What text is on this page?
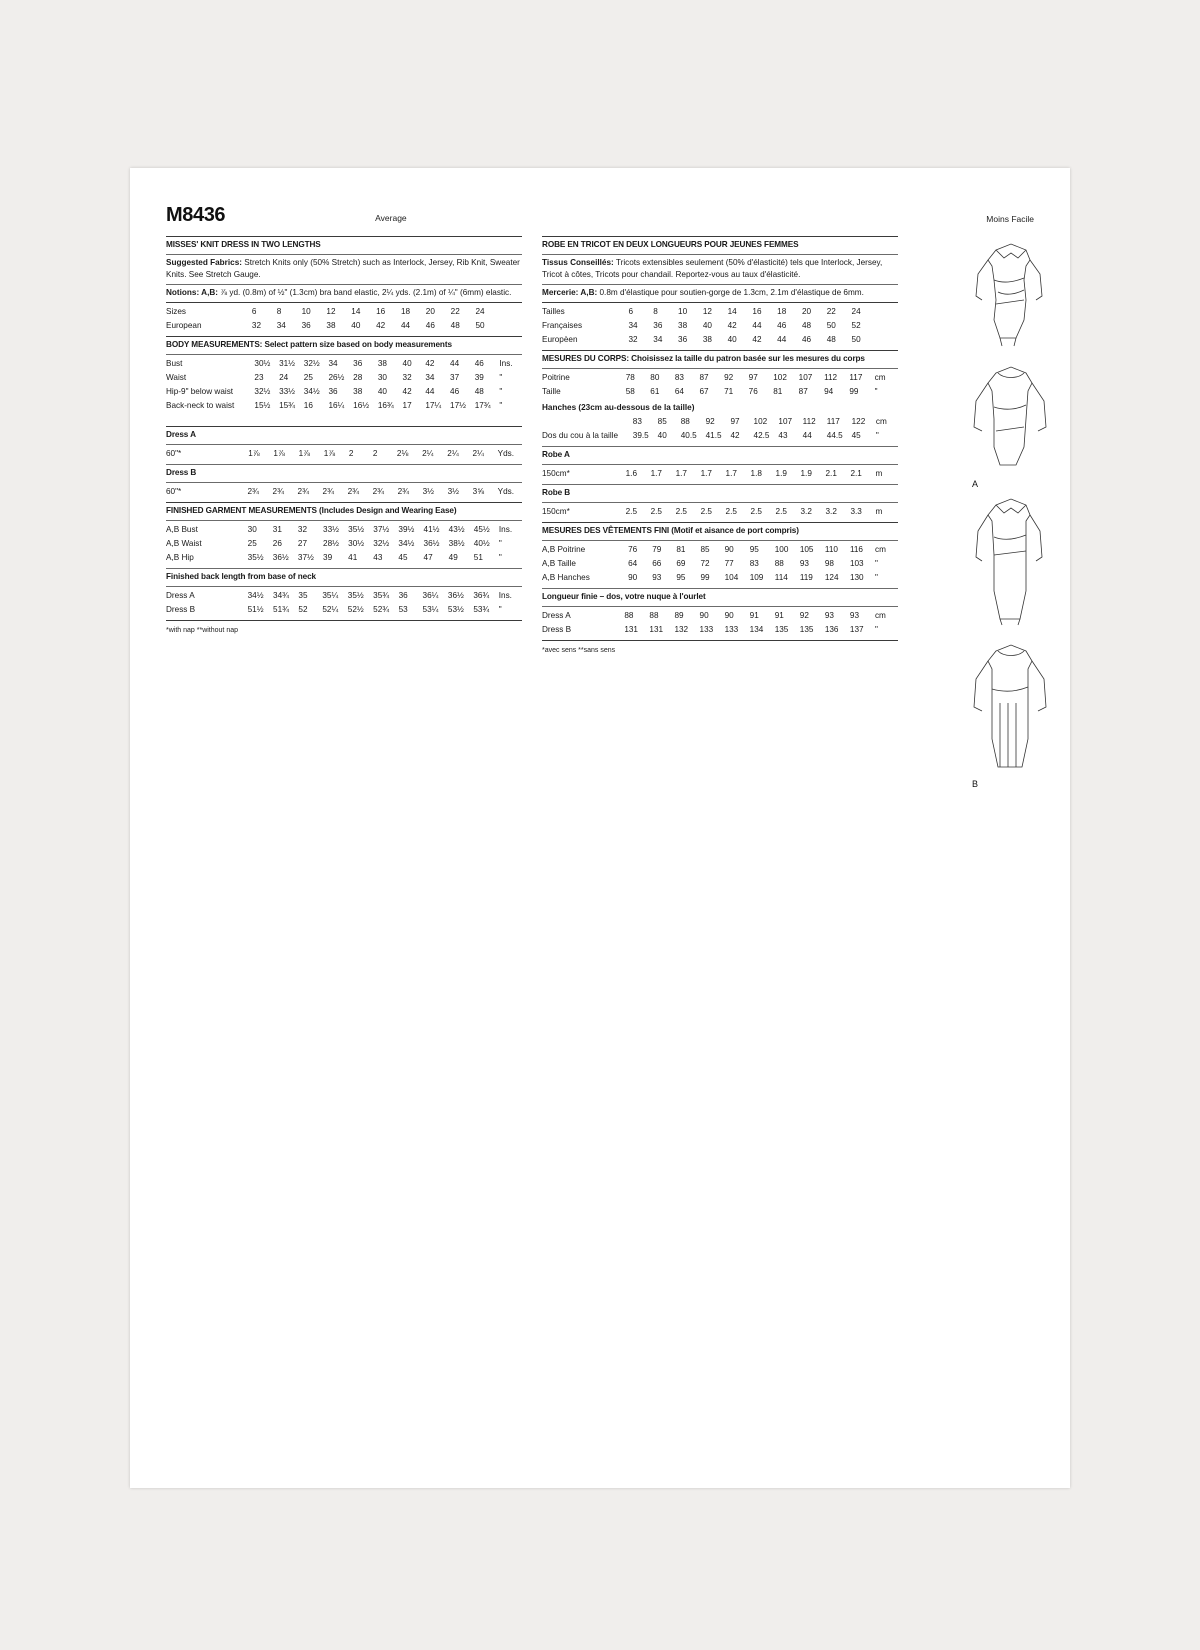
M8436	Average	Moins Facile
MISSES' KNIT DRESS IN TWO LENGTHS
Suggested Fabrics: Stretch Knits only (50% Stretch) such as Interlock, Jersey, Rib Knit, Sweater Knits. See Stretch Gauge.
Notions: A,B: ⅞ yd. (0.8m) of ½" (1.3cm) bra band elastic, 2¼ yds. (2.1m) of ¼" (6mm) elastic.
Sizes	6	8	10	12	14	16	18	20	22	24	
European	32	34	36	38	40	42	44	46	48	50	
BODY MEASUREMENTS: Select pattern size based on body measurements
Bust	30½	31½	32½	34	36	38	40	42	44	46	Ins.
Waist	23	24	25	26½	28	30	32	34	37	39	"
Hip-9" below waist	32½	33½	34½	36	38	40	42	44	46	48	"
Back-neck to waist	15½	15¾	16	16¼	16½	16¾	17	17¼	17½	17¾	"
Dress A
60"*	1⅞	1⅞	1⅞	1⅞	2	2	2⅛	2¼	2¼	2¼	Yds.
Dress B
60"*	2¾	2¾	2¾	2¾	2¾	2¾	2¾	3½	3½	3⅝	Yds.
FINISHED GARMENT MEASUREMENTS (Includes Design and Wearing Ease)
A,B Bust	30	31	32	33½	35½	37½	39½	41½	43½	45½	Ins.
A,B Waist	25	26	27	28½	30½	32½	34½	36½	38½	40½	"
A,B Hip	35½	36½	37½	39	41	43	45	47	49	51	"
Finished back length from base of neck
Dress A	34½	34¾	35	35¼	35½	35¾	36	36¼	36½	36¾	Ins.
Dress B	51½	51¾	52	52¼	52½	52¾	53	53¼	53½	53¾	"
*with nap **without nap
ROBE EN TRICOT EN DEUX LONGUEURS POUR JEUNES FEMMES
Tissus Conseillés: Tricots extensibles seulement (50% d'élasticité) tels que Interlock, Jersey, Tricot à côtes, Tricots pour chandail. Reportez-vous au taux d'élasticité.
Mercerie: A,B: 0.8m d'élastique pour soutien-gorge de 1.3cm, 2.1m d'élastique de 6mm.
Tailles	6	8	10	12	14	16	18	20	22	24	
Françaises	34	36	38	40	42	44	46	48	50	52	
Europèen	32	34	36	38	40	42	44	46	48	50	
MESURES DU CORPS: Choisissez la taille du patron basée sur les mesures du corps
Poitrine	78	80	83	87	92	97	102	107	112	117	cm
Taille	58	61	64	67	71	76	81	87	94	99	"
Hanches (23cm au-dessous de la taille)
	83	85	88	92	97	102	107	112	117	122	cm
Dos du cou à la taille	39.5	40	40.5	41.5	42	42.5	43	44	44.5	45	"
Robe A
150cm*	1.6	1.7	1.7	1.7	1.7	1.8	1.9	1.9	2.1	2.1	m
Robe B
150cm*	2.5	2.5	2.5	2.5	2.5	2.5	2.5	3.2	3.2	3.3	m
MESURES DES VÊTEMENTS FINI (Motif et aisance de port compris)
A,B Poitrine	76	79	81	85	90	95	100	105	110	116	cm
A,B Taille	64	66	69	72	77	83	88	93	98	103	"
A,B Hanches	90	93	95	99	104	109	114	119	124	130	"
Longueur finie – dos, votre nuque à l'ourlet
Dress A	88	88	89	90	90	91	91	92	93	93	cm
Dress B	131	131	132	133	133	134	135	135	136	137	"
*avec sens **sans sens
A
B
